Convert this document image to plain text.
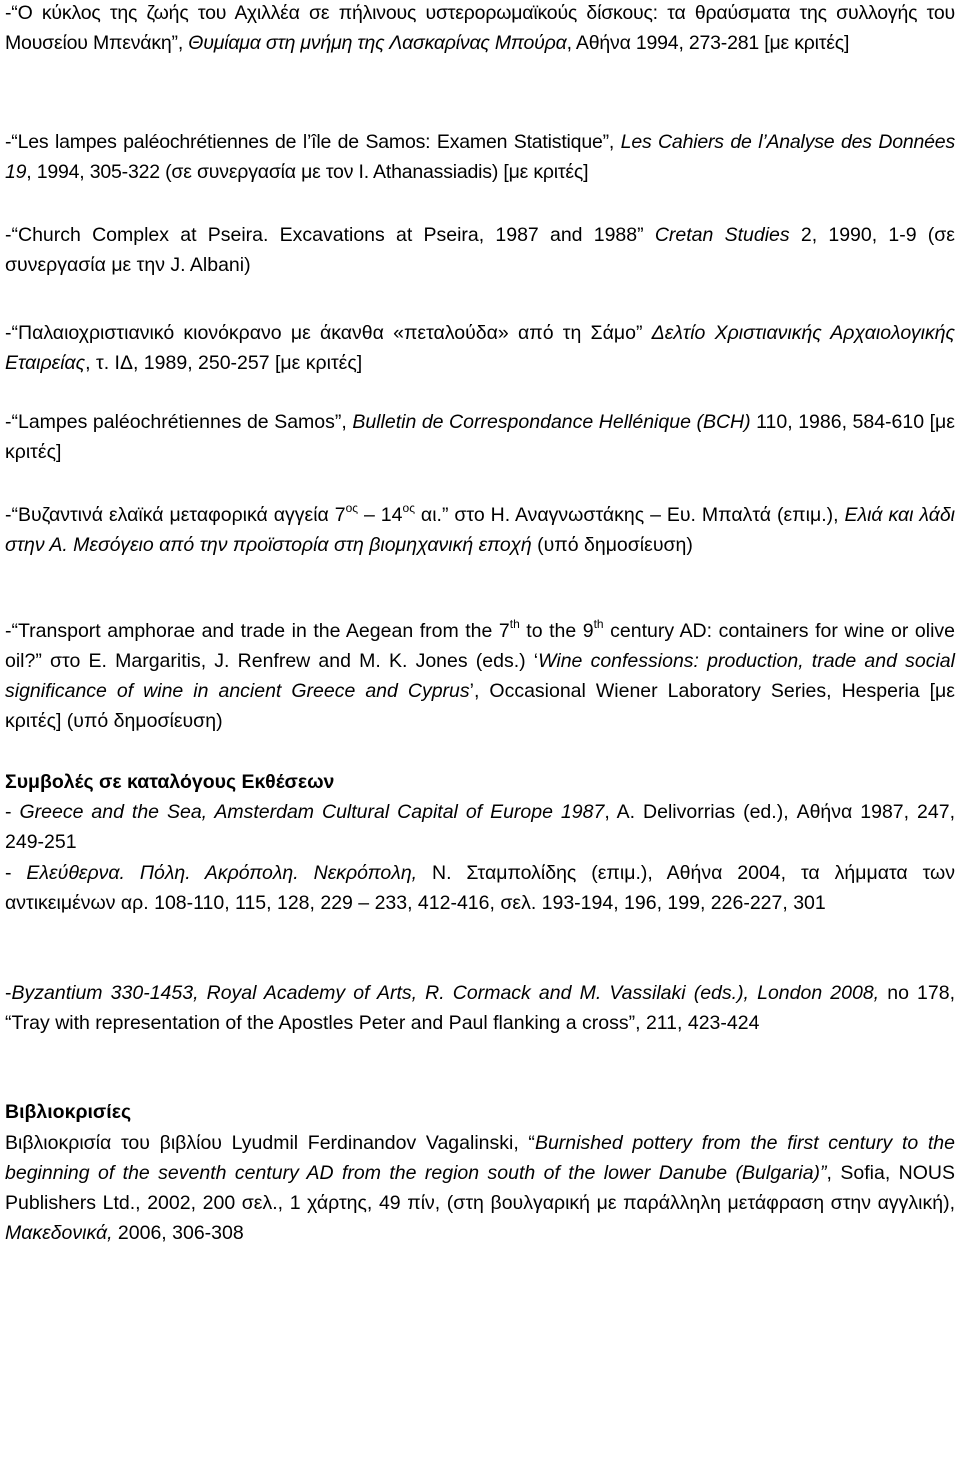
-“Ο κύκλος της ζωής του Αχιλλέα σε πήλινους υστερορωμαϊκούς δίσκους: τα θραύσματα της συλλογής του Μουσείου Μπενάκη”, Θυμίαμα στη μνήμη της Λασκαρίνας Μπούρα, Αθήνα 1994, 273-281 [με κριτές]

-“Les lampes paléochrétiennes de l’île de Samos: Examen Statistique”, Les Cahiers de l’Analyse des Données 19, 1994, 305-322 (σε συνεργασία με τον I. Athanassiadis) [με κριτές]

-“Church Complex at Pseira. Excavations at Pseira, 1987 and 1988” Cretan Studies 2, 1990, 1-9 (σε συνεργασία με την J. Albani)

-“Παλαιοχριστιανικό κιονόκρανο με άκανθα «πεταλούδα» από τη Σάμο” Δελτίο Χριστιανικής Αρχαιολογικής Εταιρείας, τ. ΙΔ, 1989, 250-257 [με κριτές]

-“Lampes paléochrétiennes de Samos”, Bulletin de Correspondance Hellénique (BCH) 110, 1986, 584-610 [με κριτές]

-“Βυζαντινά ελαϊκά μεταφορικά αγγεία $7^{o\varsigma} - 14^{o\varsigma}$ αι.” στο Η. Αναγνωστάκης – Ευ. Μπαλτά (επιμ.), Ελιά και λάδι στην Α. Μεσόγειο από την προϊστορία στη βιομηχανική εποχή (υπό δημοσίευση)

-“Transport amphorae and trade in the Aegean from the 7th to the 9th century AD: containers for wine or olive oil?” στο E. Margaritis, J. Renfrew and M. K. Jones (eds.) ‘Wine confessions: production, trade and social significance of wine in ancient Greece and Cyprus’, Occasional Wiener Laboratory Series, Hesperia [με κριτές] (υπό δημοσίευση)

Συμβολές σε καταλόγους Εκθέσεων

- Greece and the Sea, Amsterdam Cultural Capital of Europe 1987, A. Delivorrias (ed.), Αθήνα 1987, 247, 249-251

- Ελεύθερνα. Πόλη. Ακρόπολη. Νεκρόπολη, Ν. Σταμπολίδης (επιμ.), Αθήνα 2004, τα λήμματα των αντικειμένων αρ. 108-110, 115, 128, 229 – 233, 412-416, σελ. 193-194, 196, 199, 226-227, 301

-Byzantium 330-1453, Royal Academy of Arts, R. Cormack and M. Vassilaki (eds.), London 2008, no 178, “Tray with representation of the Apostles Peter and Paul flanking a cross”, 211, 423-424

Βιβλιοκρισίες

Βιβλιοκρισία του βιβλίου Lyudmil Ferdinandov Vagalinski, “Burnished pottery from the first century to the beginning of the seventh century AD from the region south of the lower Danube (Bulgaria)”, Sofia, NOUS Publishers Ltd., 2002, 200 σελ., 1 χάρτης, 49 πίν, (στη βουλγαρική με παράλληλη μετάφραση στην αγγλική), Μακεδονικά, 2006, 306-308
